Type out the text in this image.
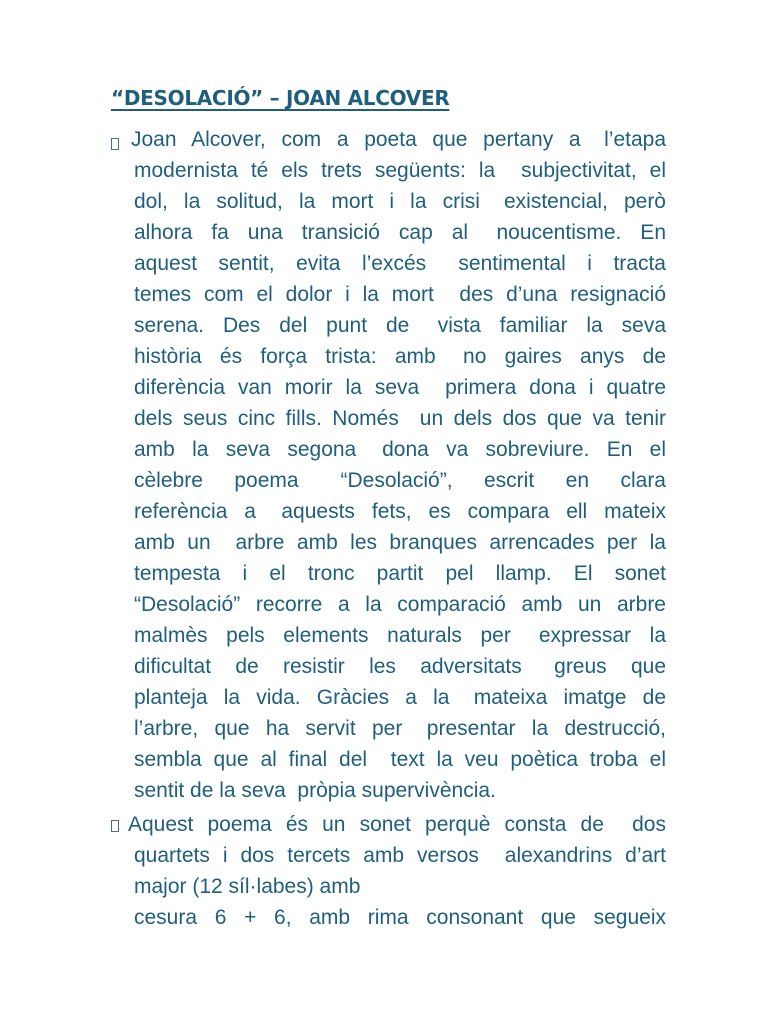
“DESOLACIÓ” – JOAN ALCOVER
Joan  Alcover,  com  a  poeta  que  pertany  a   l’etapa
modernista té els trets següents: la  subjectivitat, el
dol,  la  solitud,  la  mort  i  la  crisi   existencial,  però
alhora  fa  una  transició  cap  al   noucentisme.  En
aquest  sentit,  evita  l’excés   sentimental  i  tracta
temes com el dolor i la mort  des d’una resignació
serena.  Des  del  punt  de   vista  familiar  la  seva
història  és  força  trista:  amb   no  gaires  anys  de
diferència van morir la seva  primera dona i quatre
dels seus cinc fills. Només  un dels dos que va tenir
amb  la  seva  segona   dona  va  sobreviure.  En  el
cèlebre   poema    “Desolació”,   escrit   en   clara
referència  a   aquests  fets,  es  compara  ell  mateix
amb un  arbre amb les branques arrencades per la
tempesta   i   el   tronc   partit   pel   llamp.   El   sonet
“Desolació”  recorre  a  la  comparació  amb  un  arbre
malmès  pels  elements  naturals  per   expressar  la
dificultat   de   resistir   les   adversitats    greus   que
planteja  la  vida.  Gràcies  a  la   mateixa  imatge  de
l’arbre,  que  ha  servit  per   presentar  la  destrucció,
sembla que al final del  text la veu poètica troba el
sentit de la seva  pròpia supervivència.
Aquest poema és un sonet perquè consta de  dos
quartets i dos tercets amb versos  alexandrins d’art
major (12 síl·labes) amb
cesura  6  +  6,  amb  rima  consonant  que  segueix
